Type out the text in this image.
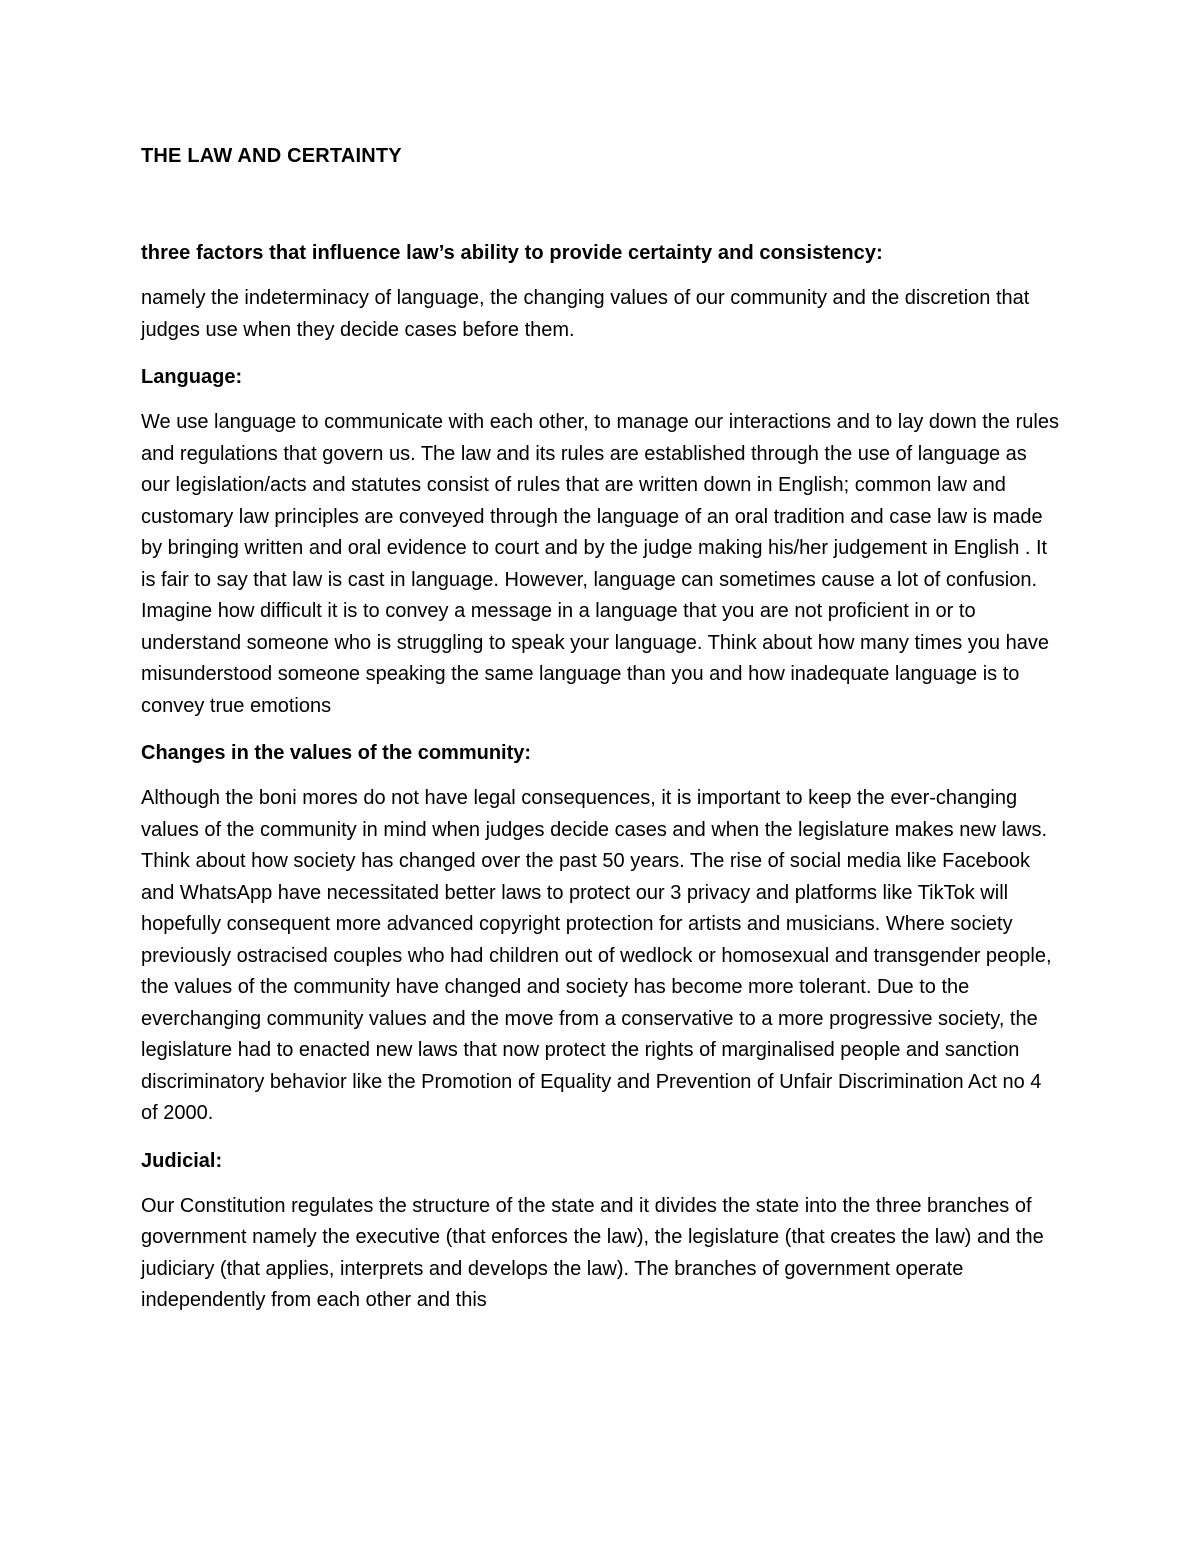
THE LAW AND CERTAINTY

three factors that influence law’s ability to provide certainty and consistency:

namely the indeterminacy of language, the changing values of our community and the discretion that judges use when they decide cases before them.

Language:

We use language to communicate with each other, to manage our interactions and to lay down the rules and regulations that govern us. The law and its rules are established through the use of language as our legislation/acts and statutes consist of rules that are written down in English; common law and customary law principles are conveyed through the language of an oral tradition and case law is made by bringing written and oral evidence to court and by the judge making his/her judgement in English . It is fair to say that law is cast in language. However, language can sometimes cause a lot of confusion. Imagine how difficult it is to convey a message in a language that you are not proficient in or to understand someone who is struggling to speak your language. Think about how many times you have misunderstood someone speaking the same language than you and how inadequate language is to convey true emotions

Changes in the values of the community:

Although the boni mores do not have legal consequences, it is important to keep the ever-changing values of the community in mind when judges decide cases and when the legislature makes new laws. Think about how society has changed over the past 50 years. The rise of social media like Facebook and WhatsApp have necessitated better laws to protect our 3 privacy and platforms like TikTok will hopefully consequent more advanced copyright protection for artists and musicians. Where society previously ostracised couples who had children out of wedlock or homosexual and transgender people, the values of the community have changed and society has become more tolerant. Due to the everchanging community values and the move from a conservative to a more progressive society, the legislature had to enacted new laws that now protect the rights of marginalised people and sanction discriminatory behavior like the Promotion of Equality and Prevention of Unfair Discrimination Act no 4 of 2000.

Judicial:

Our Constitution regulates the structure of the state and it divides the state into the three branches of government namely the executive (that enforces the law), the legislature (that creates the law) and the judiciary (that applies, interprets and develops the law). The branches of government operate independently from each other and this
